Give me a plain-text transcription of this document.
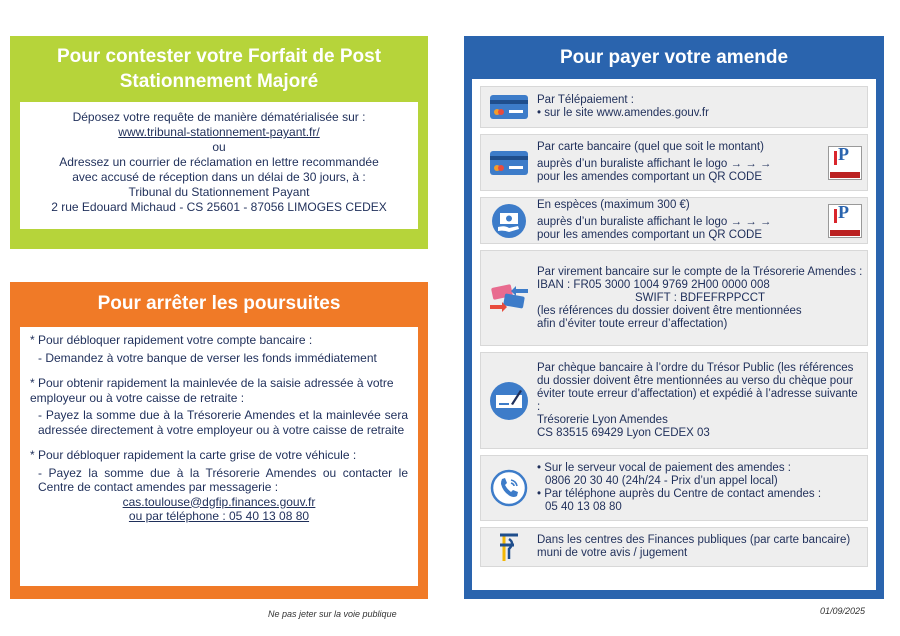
Pour contester votre Forfait de Post Stationnement Majoré
Déposez votre requête de manière dématérialisée sur :
www.tribunal-stationnement-payant.fr/
ou
Adressez un courrier de réclamation en lettre recommandée
avec accusé de réception dans un délai de 30 jours, à :
Tribunal du Stationnement Payant
2 rue Edouard Michaud - CS 25601 - 87056 LIMOGES CEDEX
Pour arrêter les poursuites

* Pour débloquer rapidement votre compte bancaire :

- Demandez à votre banque de verser les fonds immédiatement

* Pour obtenir rapidement la mainlevée de la saisie adressée à votre employeur ou à votre caisse de retraite :

- Payez la somme due à la Trésorerie Amendes et la mainlevée sera adressée directement à votre employeur ou à votre caisse de retraite

* Pour débloquer rapidement la carte grise de votre véhicule :

- Payez la somme due à la Trésorerie Amendes ou contacter le Centre de contact amendes par messagerie :

cas.toulouse@dgfip.finances.gouv.fr
ou par téléphone : 05 40 13 08 80
Pour payer votre amende
Par Télépaiement :
• sur le site www.amendes.gouv.fr
Par carte bancaire (quel que soit le montant)
auprès d’un buraliste affichant le logo → → →
pour les amendes comportant un QR CODE
P
En espèces (maximum 300 €)
auprès d’un buraliste affichant le logo → → →
pour les amendes comportant un QR CODE
P
Par virement bancaire sur le compte de la Trésorerie Amendes :
IBAN : FR05 3000 1004 9769 2H00 0000 008
SWIFT : BDFEFRPPCCT
(les références du dossier doivent être mentionnées
afin d’éviter toute erreur d’affectation)
Par chèque bancaire à l’ordre du Trésor Public (les références du dossier doivent être mentionnées au verso du chèque pour éviter toute erreur d’affectation) et expédié à l’adresse suivante :
Trésorerie Lyon Amendes
CS 83515 69429 Lyon CEDEX 03
• Sur le serveur vocal de paiement des amendes :
0806 20 30 40 (24h/24 - Prix d’un appel local)
• Par téléphone auprès du Centre de contact amendes :
05 40 13 08 80
Dans les centres des Finances publiques (par carte bancaire) muni de votre avis / jugement
Ne pas jeter sur la voie publique	01/09/2025
